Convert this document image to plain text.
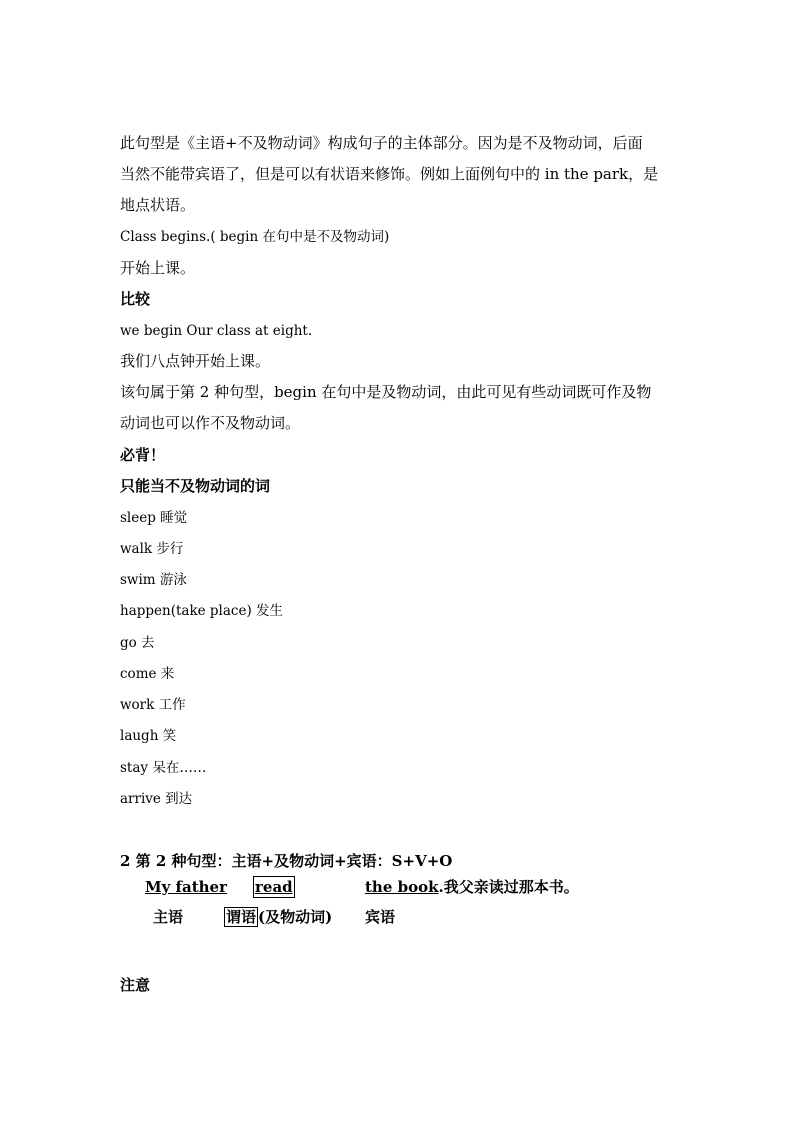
此句型是《主语+不及物动词》构成句子的主体部分。因为是不及物动词，后面
当然不能带宾语了，但是可以有状语来修饰。例如上面例句中的 in the park，是
地点状语。
Class begins.( begin 在句中是不及物动词)
开始上课。
比较
we begin Our class at eight.
我们八点钟开始上课。
该句属于第 2 种句型，begin 在句中是及物动词，由此可见有些动词既可作及物
动词也可以作不及物动词。
必背！
只能当不及物动词的词
sleep 睡觉
walk 步行
swim 游泳
happen(take place) 发生
go 去
come 来
work 工作
laugh 笑
stay 呆在……
arrive 到达
2 第 2 种句型：主语+及物动词+宾语：S+V+O
My father read	the book.我父亲读过那本书。
主语	谓语 (及物动词) 宾语
注意
